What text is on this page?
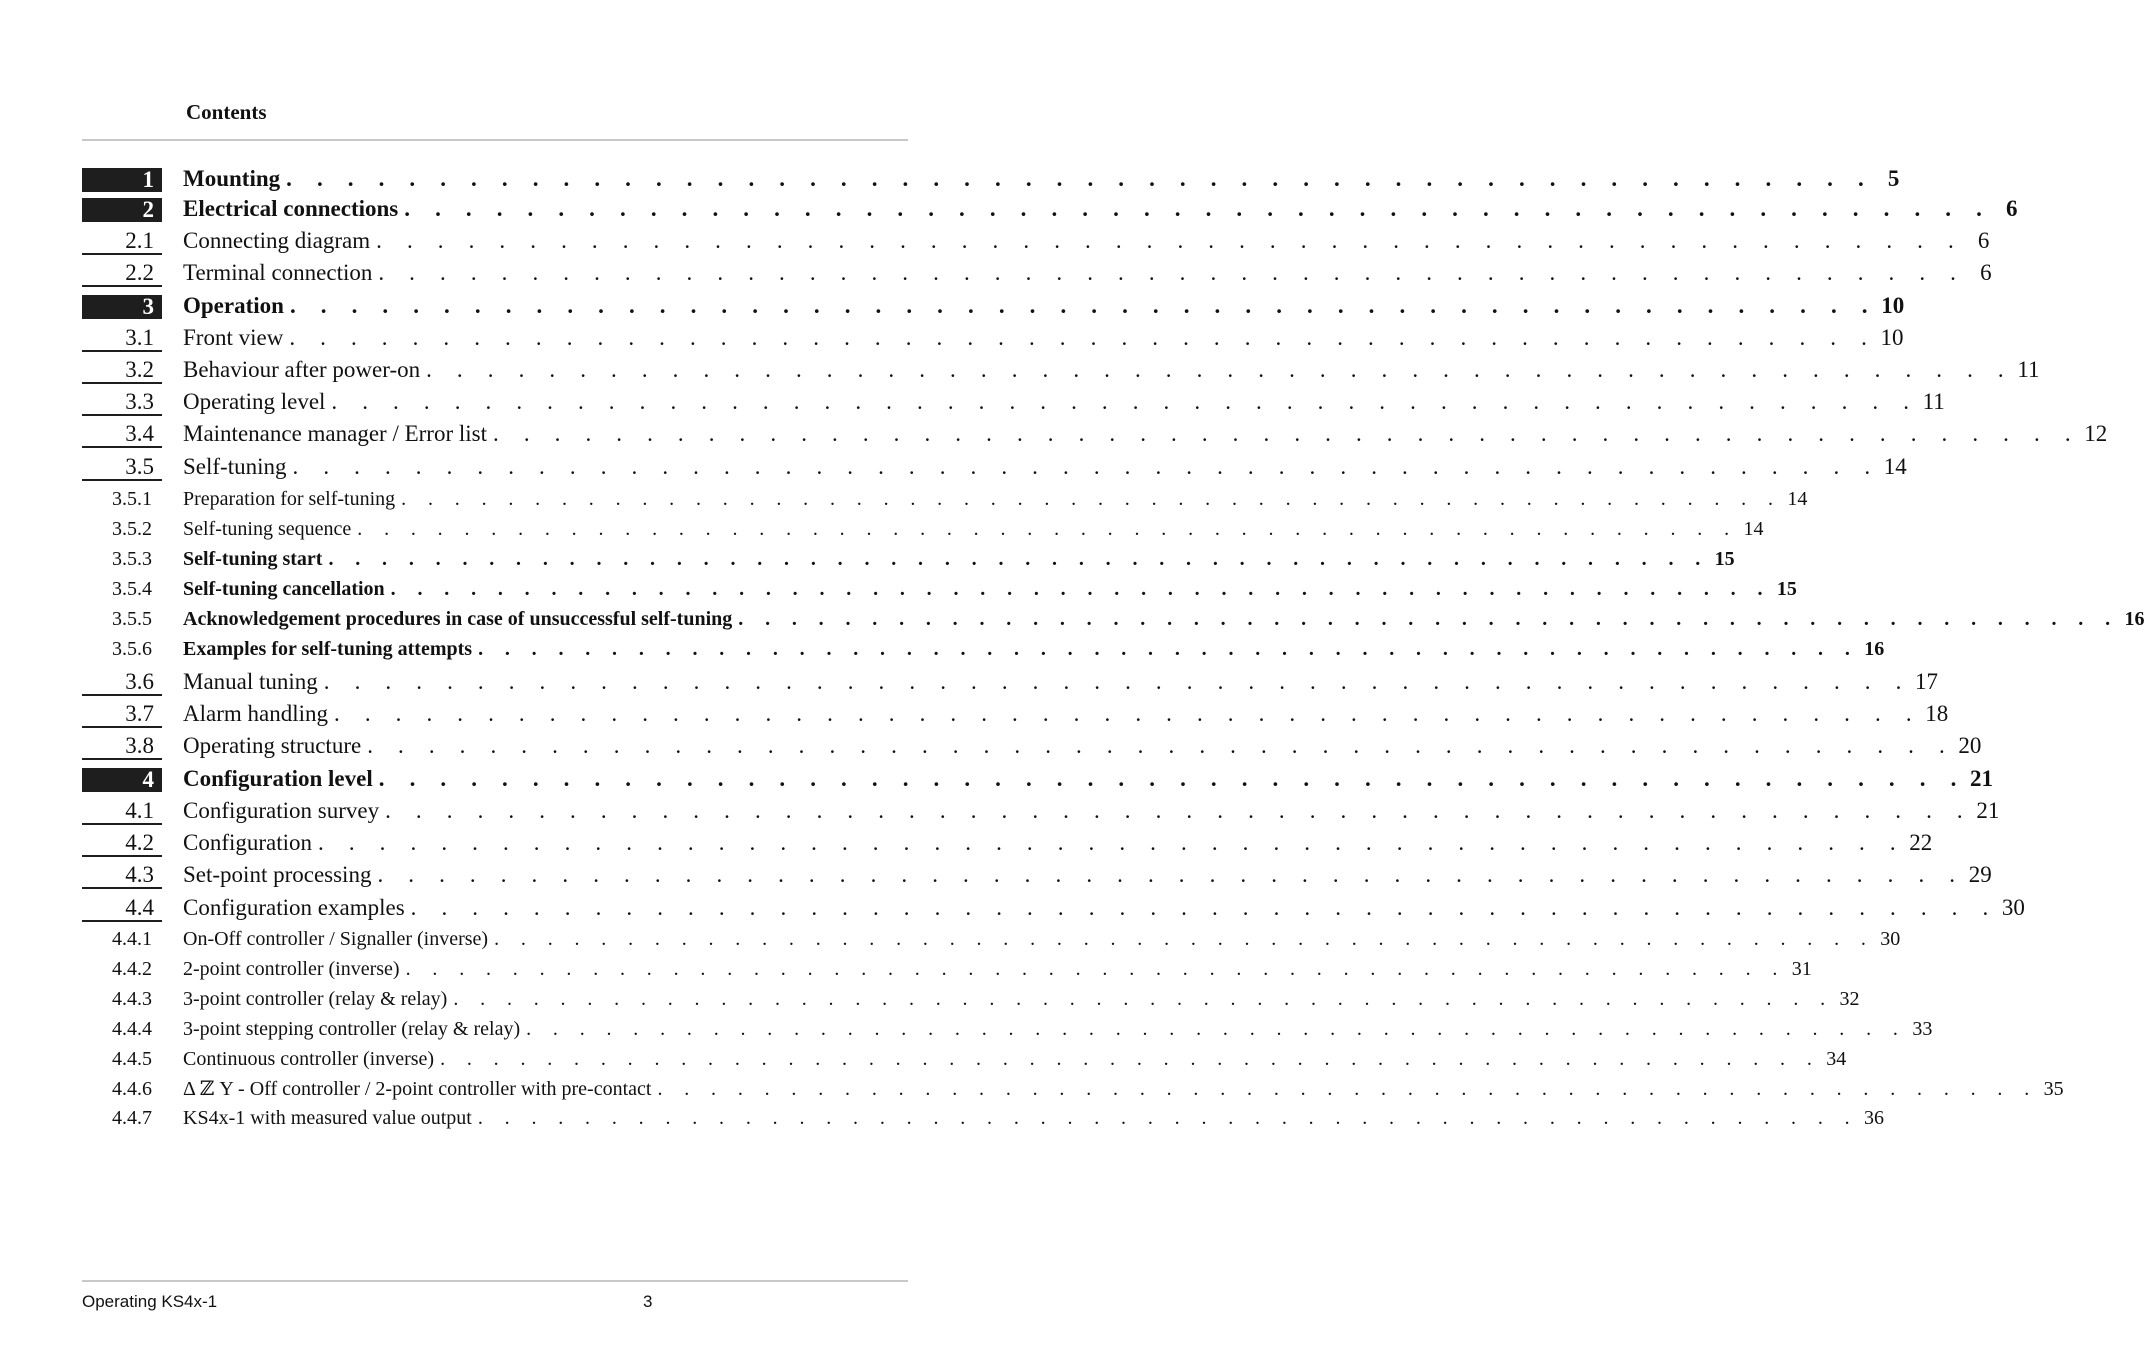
Contents
1	Mounting . . . . . . . . . . . . . . . . . . . . . . . . . . . . . . . . . . . . . . . . . . . . . . . . . . . . 5
2	Electrical connections . . . . . . . . . . . . . . . . . . . . . . . . . . . . . . . . . . . . . . . . . . . . . . . . . . . . 6
2.1	Connecting diagram . . . . . . . . . . . . . . . . . . . . . . . . . . . . . . . . . . . . . . . . . . . . . . . . . . . . 6
2.2	Terminal connection . . . . . . . . . . . . . . . . . . . . . . . . . . . . . . . . . . . . . . . . . . . . . . . . . . . . 6
3	Operation . . . . . . . . . . . . . . . . . . . . . . . . . . . . . . . . . . . . . . . . . . . . . . . . . . . . 10
3.1	Front view . . . . . . . . . . . . . . . . . . . . . . . . . . . . . . . . . . . . . . . . . . . . . . . . . . . . 10
3.2	Behaviour after power-on . . . . . . . . . . . . . . . . . . . . . . . . . . . . . . . . . . . . . . . . . . . . . . . . . . . . 11
3.3	Operating level . . . . . . . . . . . . . . . . . . . . . . . . . . . . . . . . . . . . . . . . . . . . . . . . . . . . 11
3.4	Maintenance manager / Error list . . . . . . . . . . . . . . . . . . . . . . . . . . . . . . . . . . . . . . . . . . . . . . . . . . . . 12
3.5	Self-tuning . . . . . . . . . . . . . . . . . . . . . . . . . . . . . . . . . . . . . . . . . . . . . . . . . . . . 14
3.5.1	Preparation for self-tuning . . . . . . . . . . . . . . . . . . . . . . . . . . . . . . . . . . . . . . . . . . . . . . . . . . . . 14
3.5.2	Self-tuning sequence . . . . . . . . . . . . . . . . . . . . . . . . . . . . . . . . . . . . . . . . . . . . . . . . . . . . 14
3.5.3	Self-tuning start . . . . . . . . . . . . . . . . . . . . . . . . . . . . . . . . . . . . . . . . . . . . . . . . . . . . 15
3.5.4	Self-tuning cancellation . . . . . . . . . . . . . . . . . . . . . . . . . . . . . . . . . . . . . . . . . . . . . . . . . . . . 15
3.5.5	Acknowledgement procedures in case of unsuccessful self-tuning . . . . . . . . . . . . . . . . . . . . . . . . . . . . . . . . . . . . . . . . . . . . . . . . . . . . 16
3.5.6	Examples for self-tuning attempts . . . . . . . . . . . . . . . . . . . . . . . . . . . . . . . . . . . . . . . . . . . . . . . . . . . . 16
3.6	Manual tuning . . . . . . . . . . . . . . . . . . . . . . . . . . . . . . . . . . . . . . . . . . . . . . . . . . . . 17
3.7	Alarm handling . . . . . . . . . . . . . . . . . . . . . . . . . . . . . . . . . . . . . . . . . . . . . . . . . . . . 18
3.8	Operating structure . . . . . . . . . . . . . . . . . . . . . . . . . . . . . . . . . . . . . . . . . . . . . . . . . . . . 20
4	Configuration level . . . . . . . . . . . . . . . . . . . . . . . . . . . . . . . . . . . . . . . . . . . . . . . . . . . . 21
4.1	Configuration survey . . . . . . . . . . . . . . . . . . . . . . . . . . . . . . . . . . . . . . . . . . . . . . . . . . . . 21
4.2	Configuration . . . . . . . . . . . . . . . . . . . . . . . . . . . . . . . . . . . . . . . . . . . . . . . . . . . . 22
4.3	Set-point processing . . . . . . . . . . . . . . . . . . . . . . . . . . . . . . . . . . . . . . . . . . . . . . . . . . . . 29
4.4	Configuration examples . . . . . . . . . . . . . . . . . . . . . . . . . . . . . . . . . . . . . . . . . . . . . . . . . . . . 30
4.4.1	On-Off controller / Signaller (inverse) . . . . . . . . . . . . . . . . . . . . . . . . . . . . . . . . . . . . . . . . . . . . . . . . . . . . 30
4.4.2	2-point controller (inverse) . . . . . . . . . . . . . . . . . . . . . . . . . . . . . . . . . . . . . . . . . . . . . . . . . . . . 31
4.4.3	3-point controller (relay & relay) . . . . . . . . . . . . . . . . . . . . . . . . . . . . . . . . . . . . . . . . . . . . . . . . . . . . 32
4.4.4	3-point stepping controller (relay & relay) . . . . . . . . . . . . . . . . . . . . . . . . . . . . . . . . . . . . . . . . . . . . . . . . . . . . 33
4.4.5	Continuous controller (inverse) . . . . . . . . . . . . . . . . . . . . . . . . . . . . . . . . . . . . . . . . . . . . . . . . . . . . 34
4.4.6	Δ ℤ Y - Off controller / 2-point controller with pre-contact . . . . . . . . . . . . . . . . . . . . . . . . . . . . . . . . . . . . . . . . . . . . . . . . . . . . 35
4.4.7	KS4x-1 with measured value output . . . . . . . . . . . . . . . . . . . . . . . . . . . . . . . . . . . . . . . . . . . . . . . . . . . . 36
Operating KS4x-1	3
